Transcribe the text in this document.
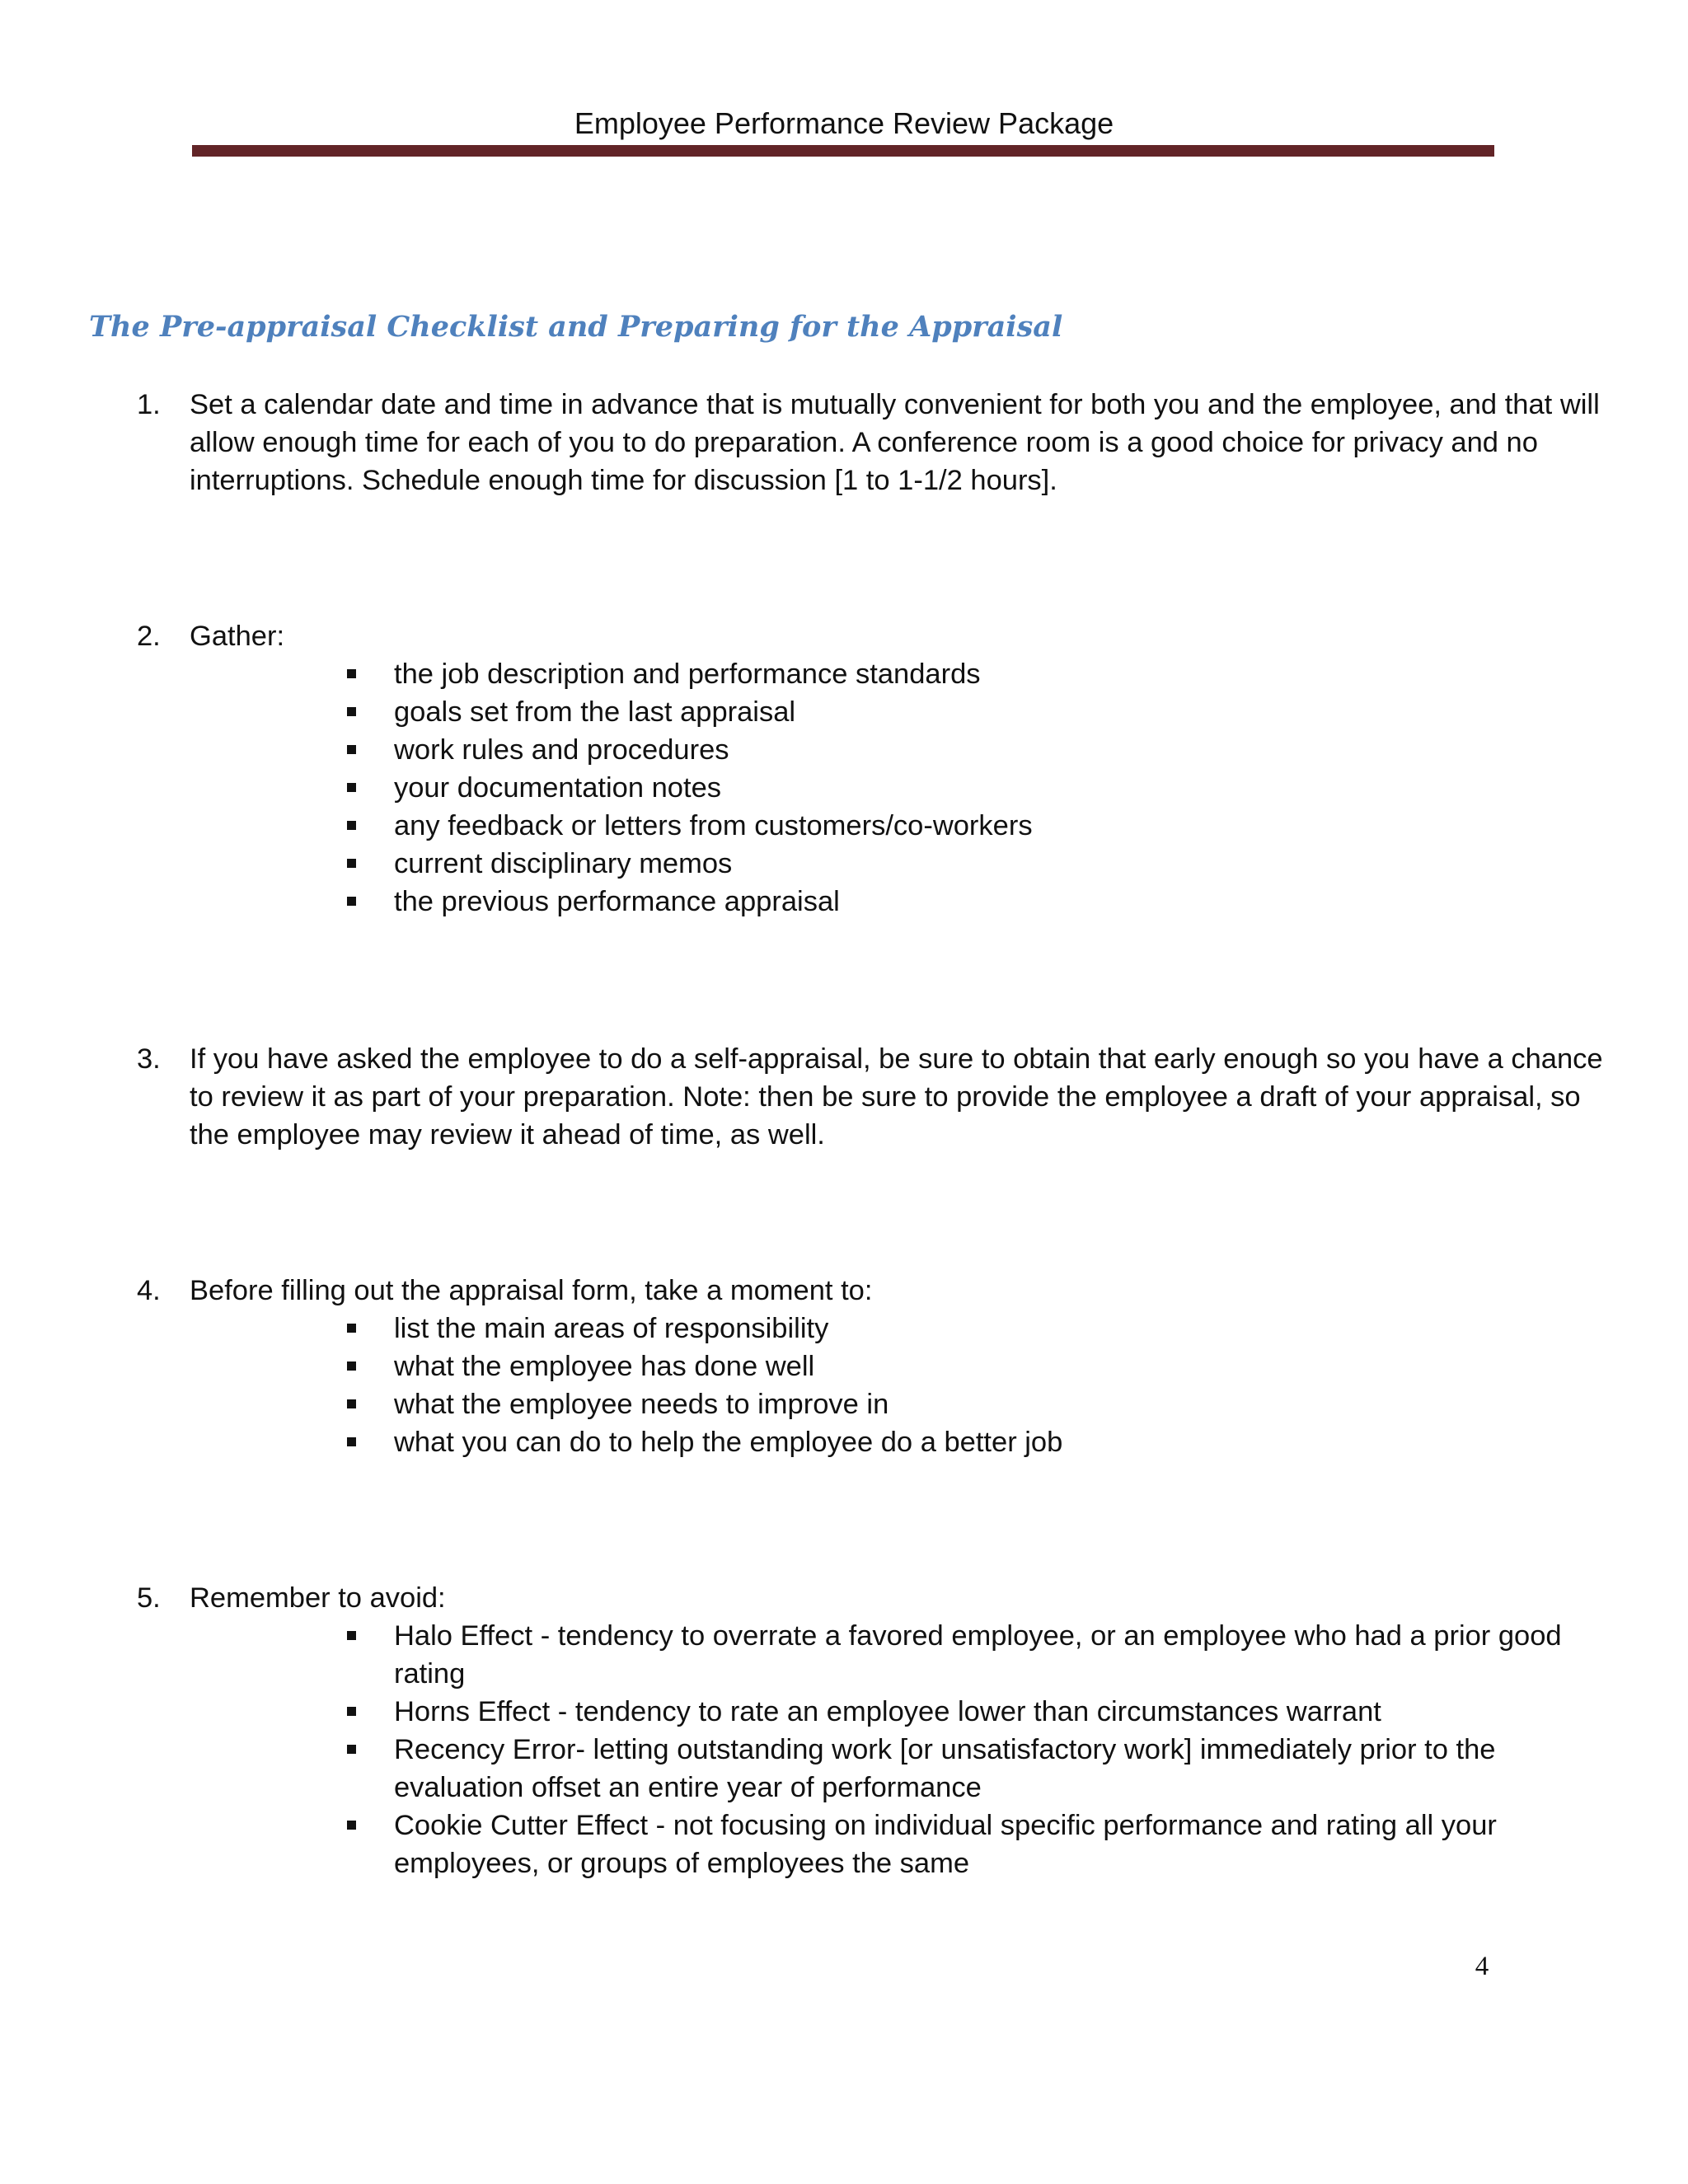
Employee Performance Review Package
The Pre-appraisal Checklist and Preparing for the Appraisal
1.	Set a calendar date and time in advance that is mutually convenient for both you and the employee, and that will allow enough time for each of you to do preparation. A conference room is a good choice for privacy and no interruptions. Schedule enough time for discussion [1 to 1-1/2 hours].
2.	Gather:
the job description and performance standards
goals set from the last appraisal
work rules and procedures
your documentation notes
any feedback or letters from customers/co-workers
current disciplinary memos
the previous performance appraisal
3.	If you have asked the employee to do a self-appraisal, be sure to obtain that early enough so you have a chance to review it as part of your preparation. Note: then be sure to provide the employee a draft of your appraisal, so the employee may review it ahead of time, as well.
4.	Before filling out the appraisal form, take a moment to:
list the main areas of responsibility
what the employee has done well
what the employee needs to improve in
what you can do to help the employee do a better job
5.	Remember to avoid:
Halo Effect - tendency to overrate a favored employee, or an employee who had a prior good rating
Horns Effect - tendency to rate an employee lower than circumstances warrant
Recency Error- letting outstanding work [or unsatisfactory work] immediately prior to the evaluation offset an entire year of performance
Cookie Cutter Effect - not focusing on individual specific performance and rating all your employees, or groups of employees the same
4
